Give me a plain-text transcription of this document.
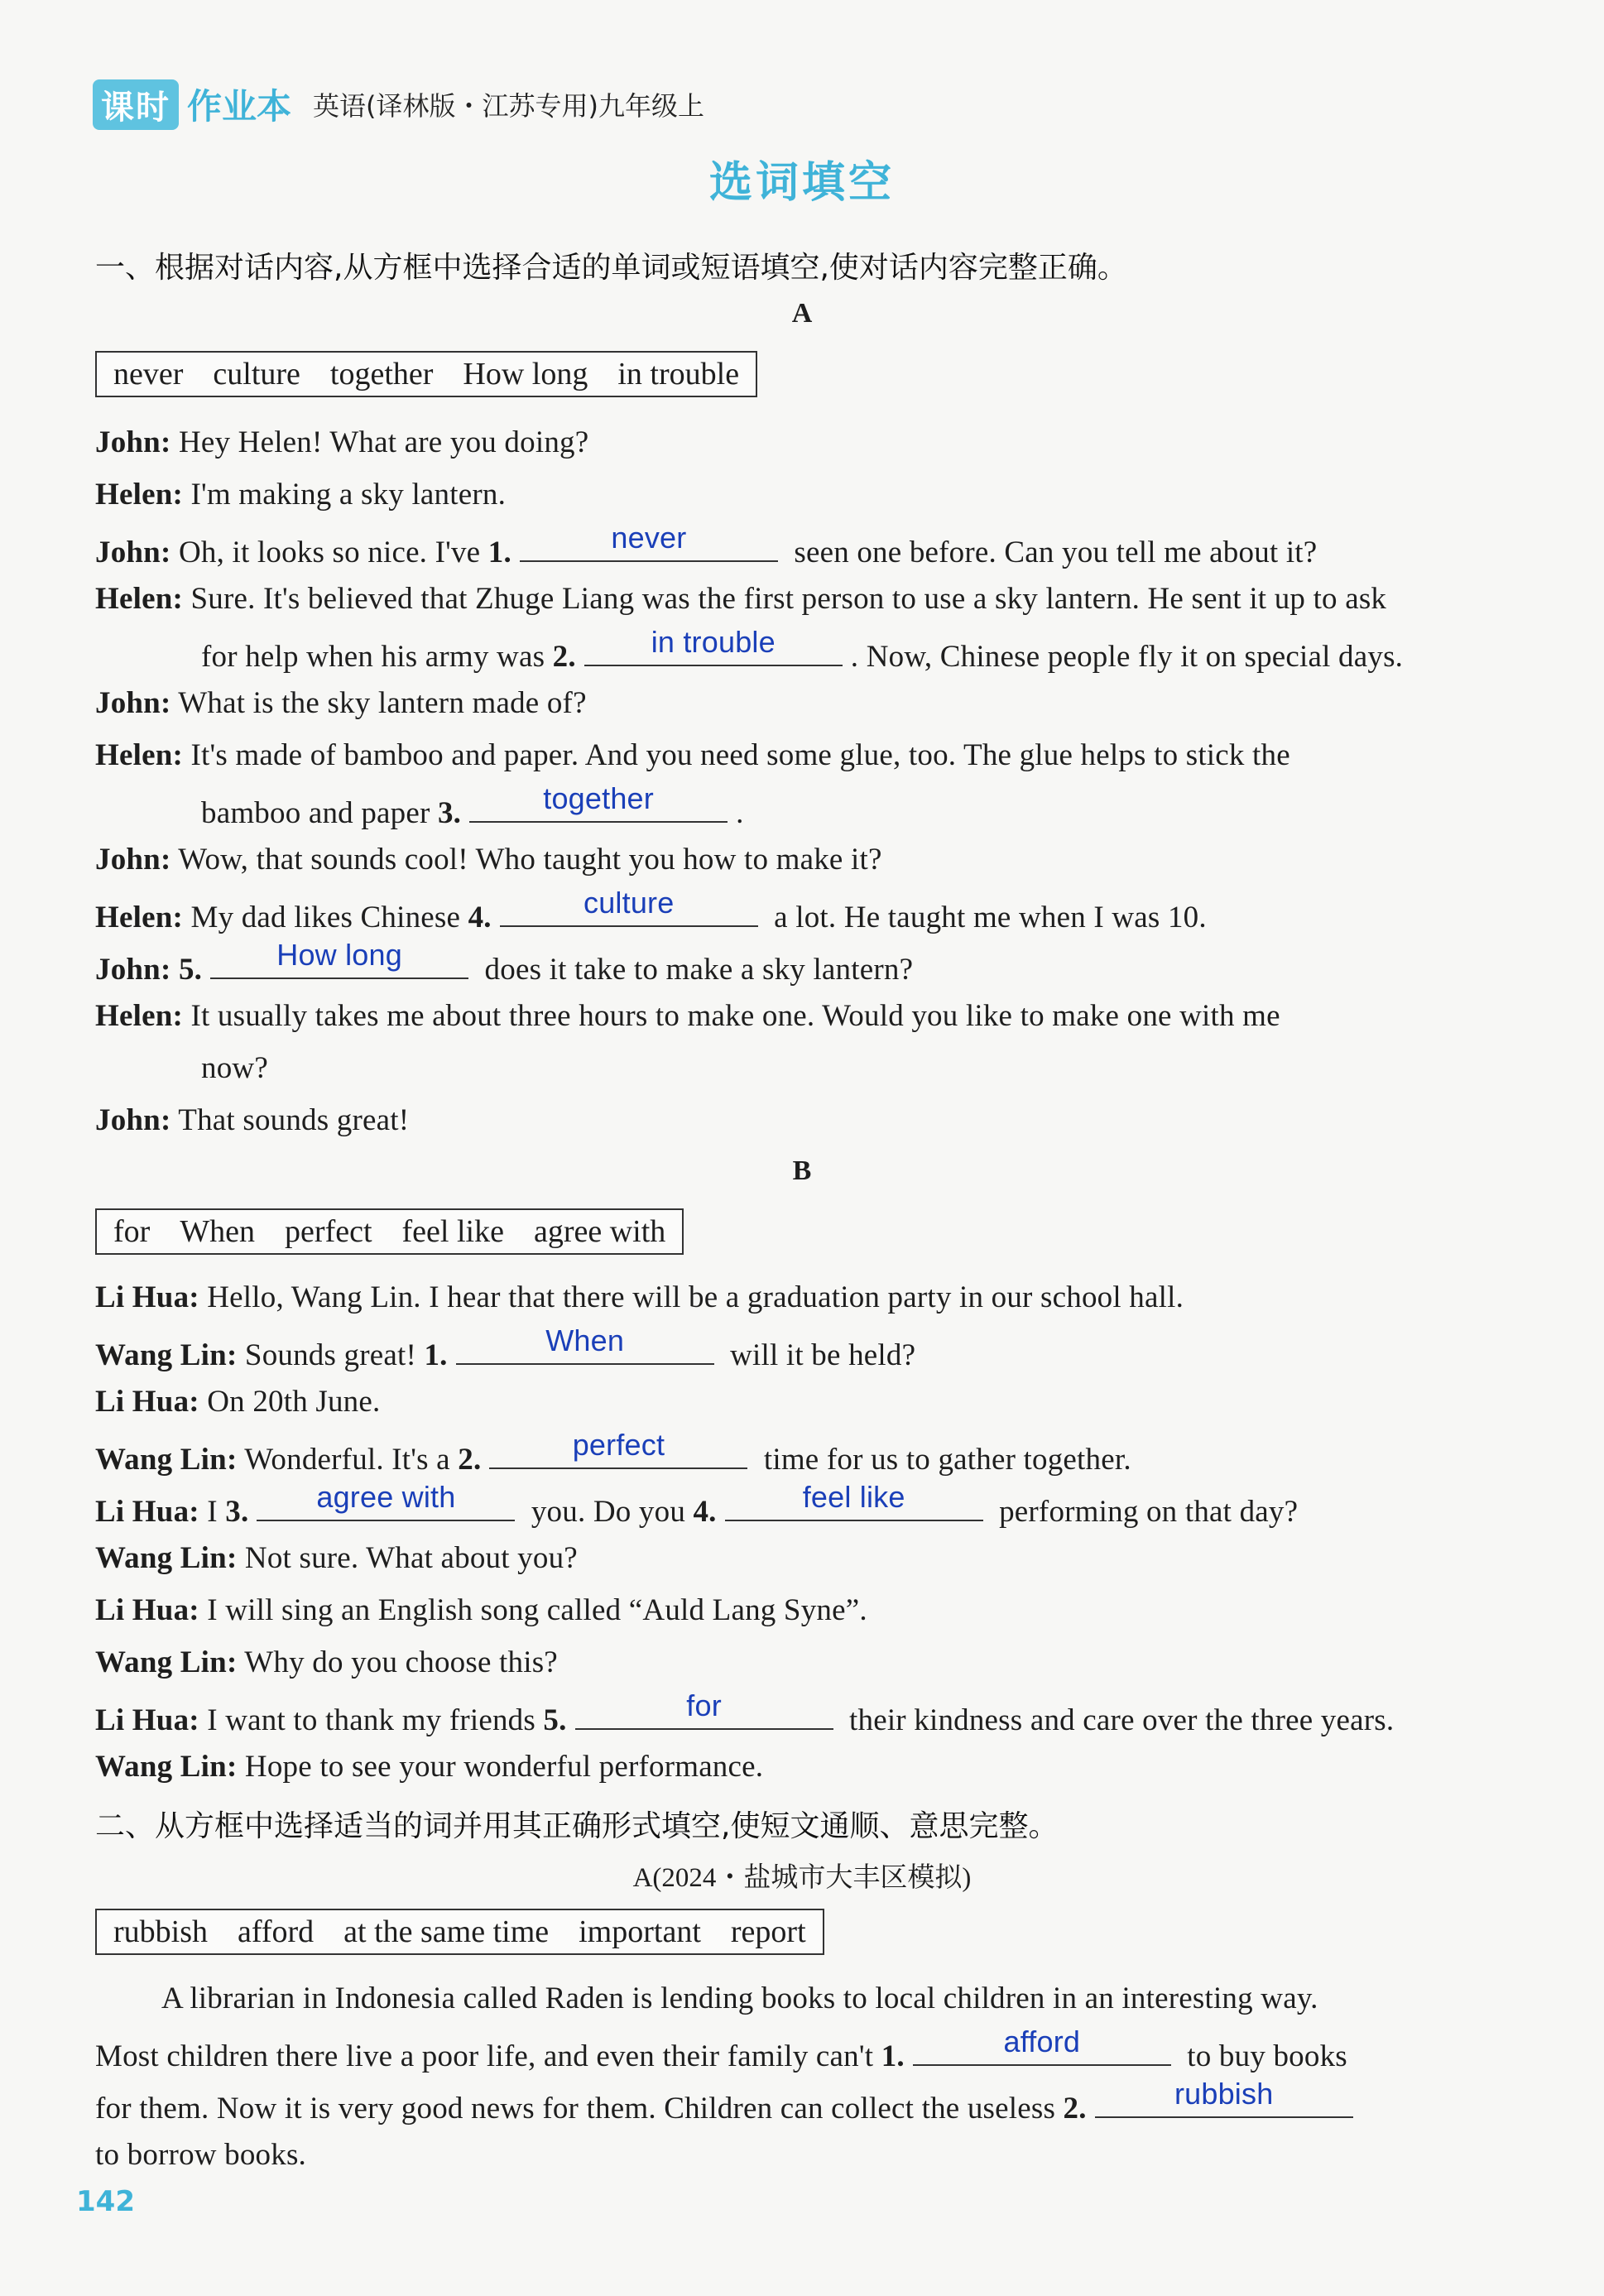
课时 作业本 英语(译林版・江苏专用)九年级上
选词填空
一、根据对话内容,从方框中选择合适的单词或短语填空,使对话内容完整正确。
A
never culture together How long in trouble
John: Hey Helen! What are you doing?
Helen: I'm making a sky lantern.
John: Oh, it looks so nice. I've 1.	never	seen one before. Can you tell me about it?
Helen: Sure. It's believed that Zhuge Liang was the first person to use a sky lantern. He sent it up to ask
for help when his army was 2.	in trouble	. Now, Chinese people fly it on special days.
John: What is the sky lantern made of?
Helen: It's made of bamboo and paper. And you need some glue, too. The glue helps to stick the
bamboo and paper 3.	together	.
John: Wow, that sounds cool! Who taught you how to make it?
Helen: My dad likes Chinese 4.	culture	a lot. He taught me when I was 10.
John: 5.	How long	does it take to make a sky lantern?
Helen: It usually takes me about three hours to make one. Would you like to make one with me
now?
John: That sounds great!
B
for When perfect feel like agree with
Li Hua: Hello, Wang Lin. I hear that there will be a graduation party in our school hall.
Wang Lin: Sounds great! 1.	When	will it be held?
Li Hua: On 20th June.
Wang Lin: Wonderful. It's a 2.	perfect	time for us to gather together.
Li Hua: I 3.	agree with	you. Do you 4.	feel like	performing on that day?
Wang Lin: Not sure. What about you?
Li Hua: I will sing an English song called “Auld Lang Syne”.
Wang Lin: Why do you choose this?
Li Hua: I want to thank my friends 5.	for	their kindness and care over the three years.
Wang Lin: Hope to see your wonderful performance.
二、从方框中选择适当的词并用其正确形式填空,使短文通顺、意思完整。
A(2024・盐城市大丰区模拟)
rubbish afford at the same time important report
A librarian in Indonesia called Raden is lending books to local children in an interesting way.
Most children there live a poor life, and even their family can't 1.	afford	to buy books
for them. Now it is very good news for them. Children can collect the useless 2.	rubbish
to borrow books.
142
